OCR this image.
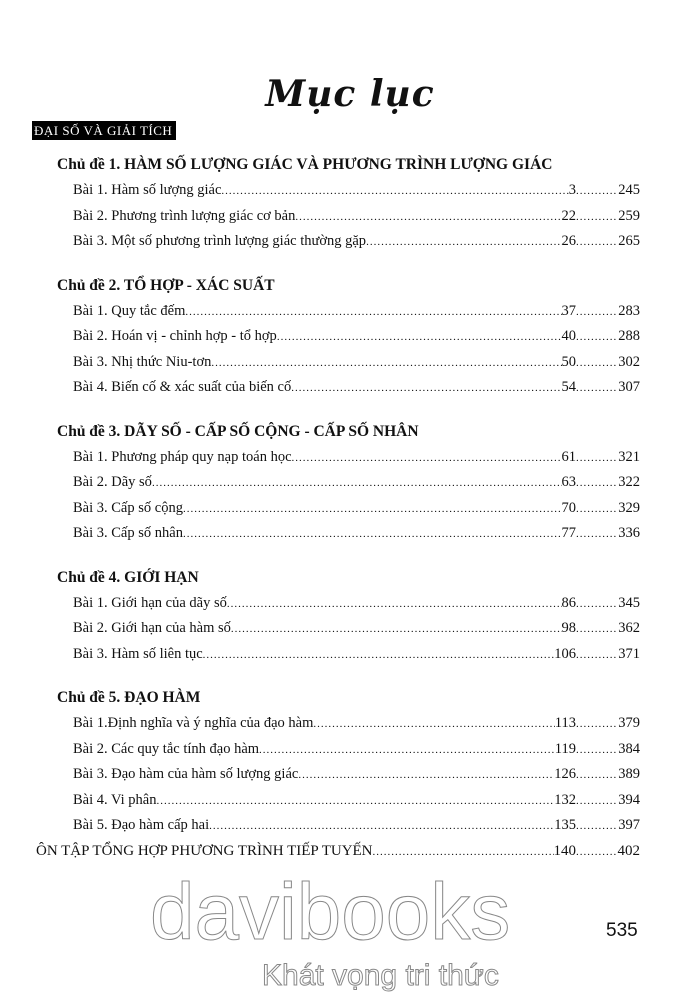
Mục lục
ĐẠI SỐ VÀ GIẢI TÍCH
Chủ đề 1. HÀM SỐ LƯỢNG GIÁC VÀ PHƯƠNG TRÌNH LƯỢNG GIÁC
Bài 1. Hàm số lượng giác .....	3 .....	245
Bài 2. Phương trình lượng giác cơ bản .....	22 .....	259
Bài 3. Một số phương trình lượng giác thường gặp .....	26 .....	265
Chủ đề 2. TỔ HỢP - XÁC SUẤT
Bài 1. Quy tắc đếm .....	37 .....	283
Bài 2. Hoán vị - chỉnh hợp - tổ hợp .....	40 .....	288
Bài 3. Nhị thức Niu-tơn .....	50 .....	302
Bài 4. Biến cố & xác suất của biến cố .....	54 .....	307
Chủ đề 3. DÃY SỐ - CẤP SỐ CỘNG - CẤP SỐ NHÂN
Bài 1. Phương pháp quy nạp toán học .....	61 .....	321
Bài 2. Dãy số .....	63 .....	322
Bài 3. Cấp số cộng .....	70 .....	329
Bài 3. Cấp số nhân .....	77 .....	336
Chủ đề 4. GIỚI HẠN
Bài 1. Giới hạn của dãy số .....	86 .....	345
Bài 2. Giới hạn của hàm số .....	98 .....	362
Bài 3. Hàm số liên tục .....	106 .....	371
Chủ đề 5. ĐẠO HÀM
Bài 1.Định nghĩa và ý nghĩa của đạo hàm .....	113 .....	379
Bài 2. Các quy tắc tính đạo hàm .....	119 .....	384
Bài 3. Đạo hàm của hàm số lượng giác .....	126 .....	389
Bài 4. Vi phân .....	132 .....	394
Bài 5. Đạo hàm cấp hai .....	135 .....	397
ÔN TẬP TỔNG HỢP PHƯƠNG TRÌNH TIẾP TUYẾN .....	140 .....	402
davibooks
Khát vọng tri thức
535
